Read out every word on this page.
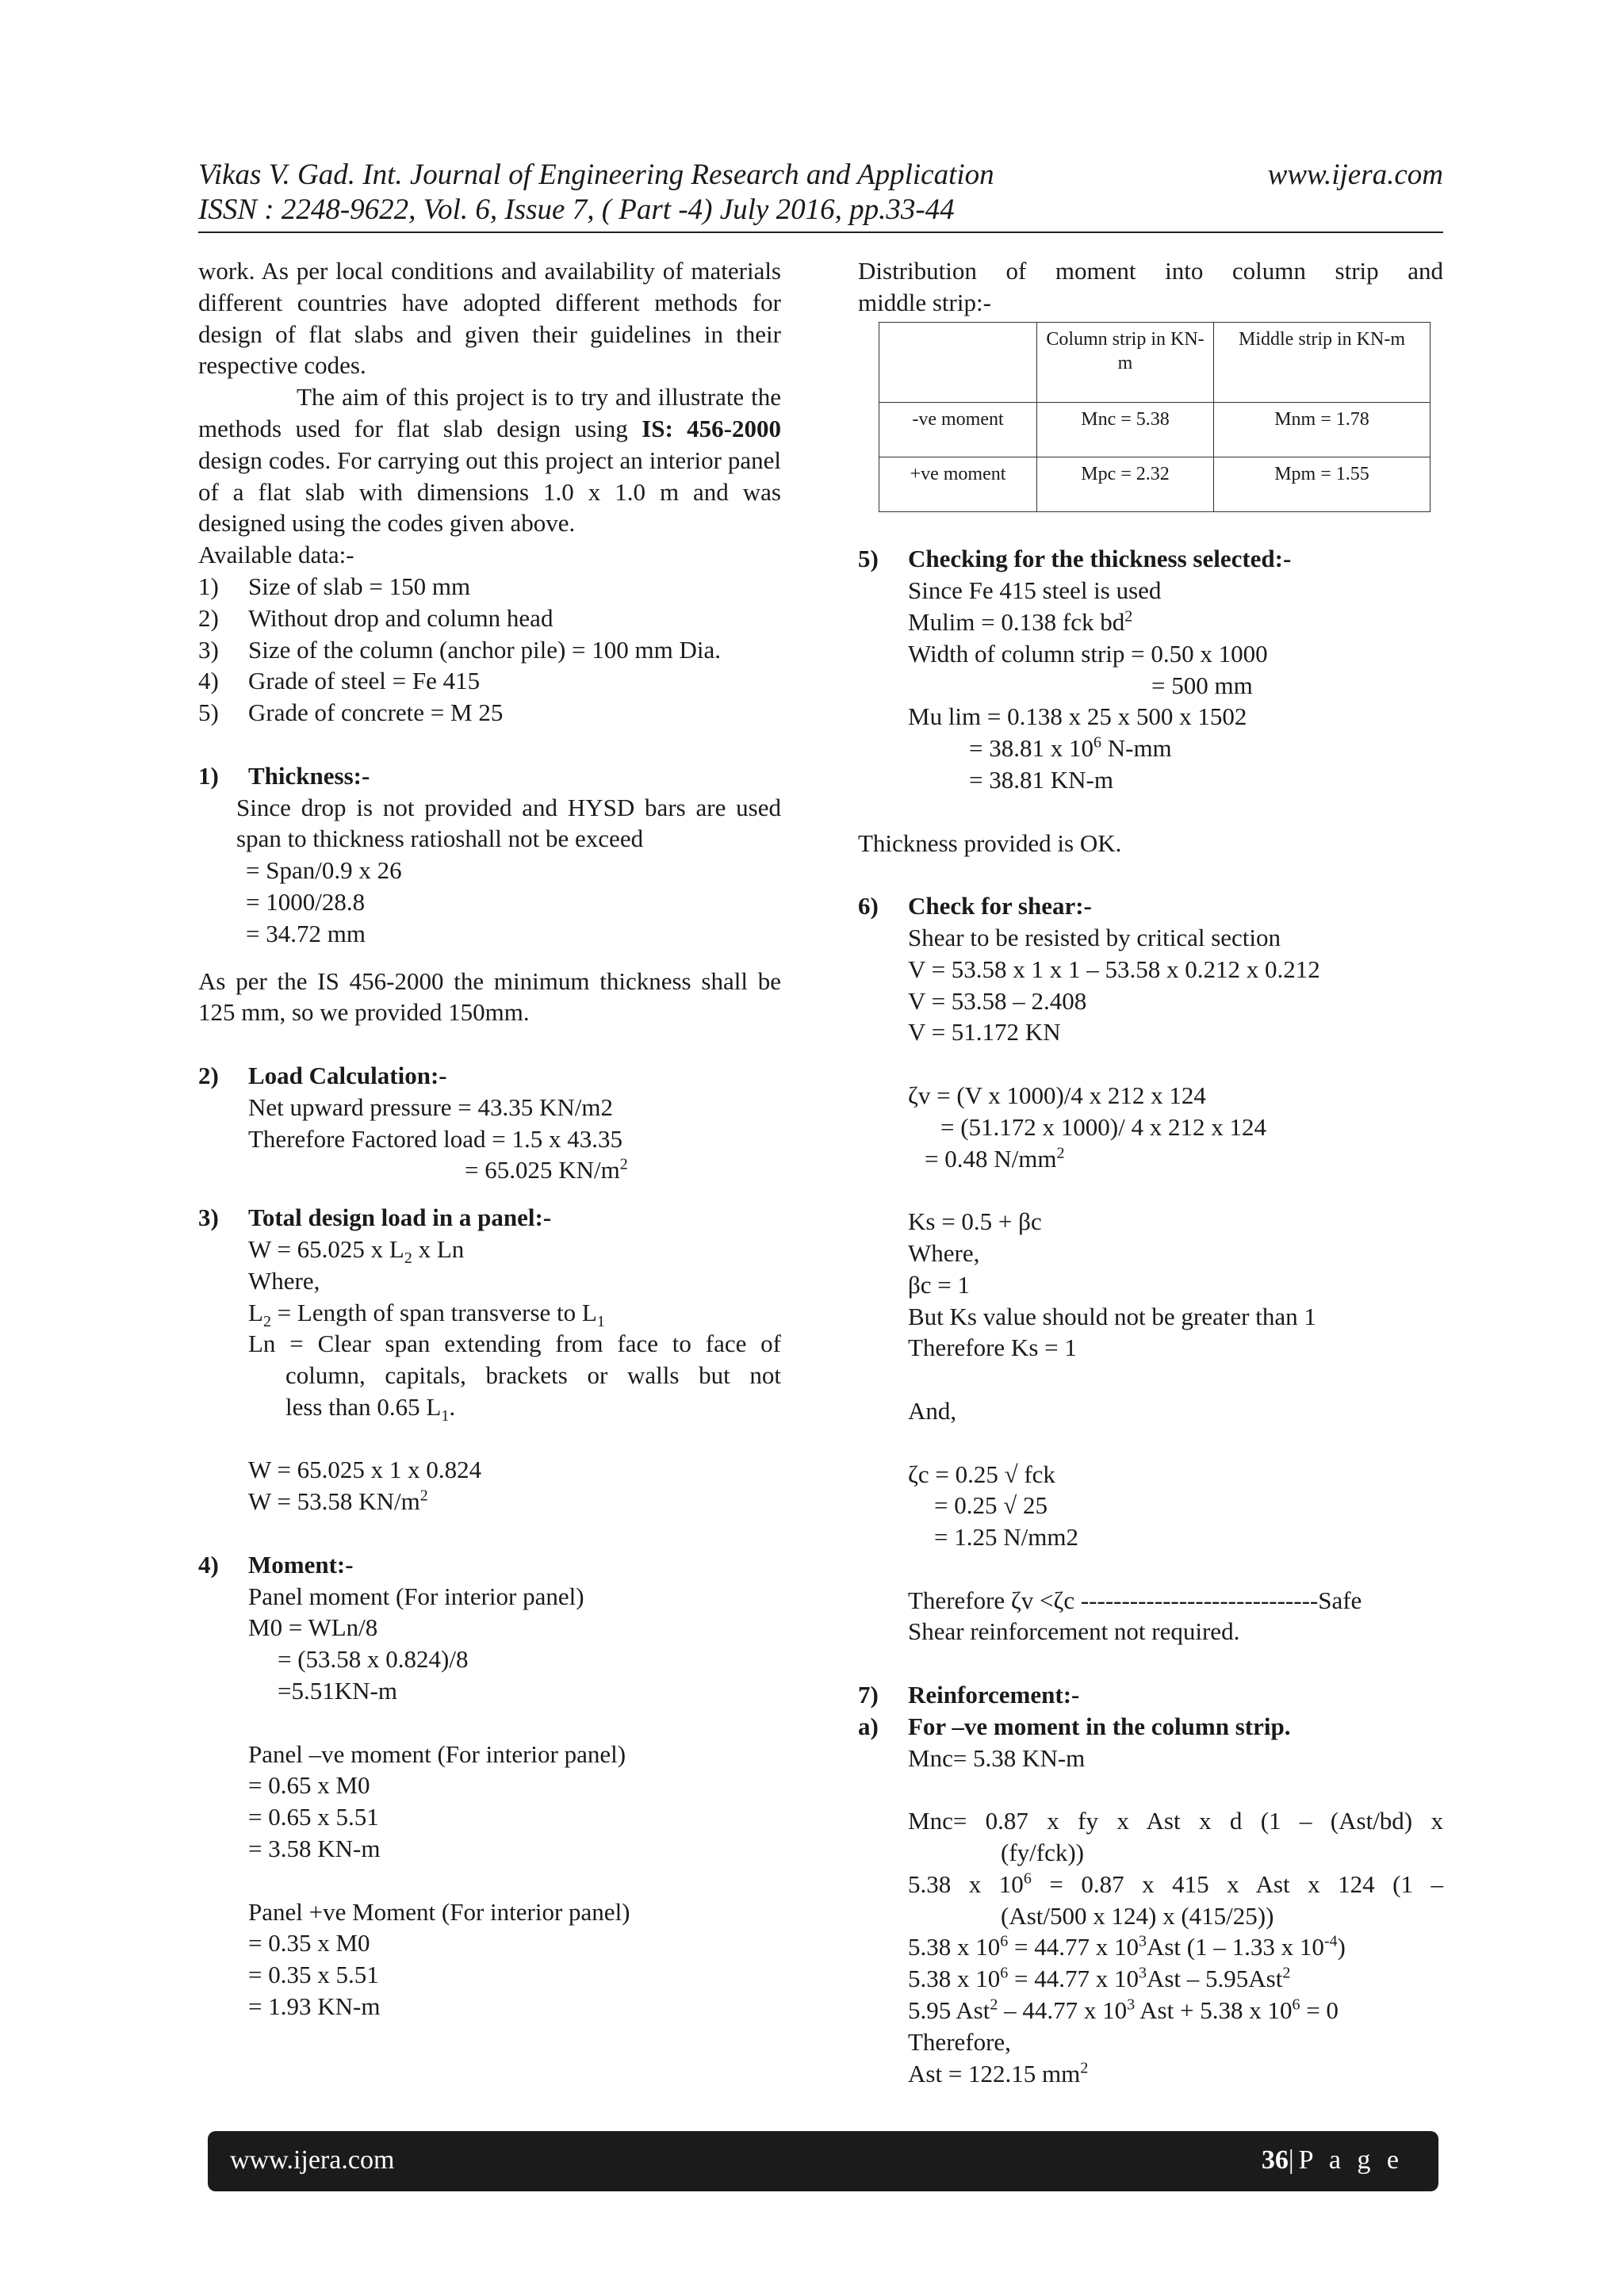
Vikas V. Gad. Int. Journal of Engineering Research and Application
ISSN : 2248-9622, Vol. 6, Issue 7, ( Part -4) July 2016, pp.33-44
www.ijera.com
work. As per local conditions and availability of materials different countries have adopted different methods for design of flat slabs and given their guidelines in their respective codes.
The aim of this project is to try and illustrate the methods used for flat slab design using IS: 456-2000 design codes. For carrying out this project an interior panel of a flat slab with dimensions 1.0 x 1.0 m and was designed using the codes given above.
Available data:-
1)	Size of slab = 150 mm
2)	Without drop and column head
3)	Size of the column (anchor pile) = 100 mm Dia.
4)	Grade of steel = Fe 415
5)	Grade of concrete = M 25
1)	Thickness:-
Since drop is not provided and HYSD bars are used span to thickness ratioshall not be exceed
= Span/0.9 x 26
= 1000/28.8
= 34.72 mm
As per the IS 456-2000 the minimum thickness shall be 125 mm, so we provided 150mm.
2)	Load Calculation:-
Net upward pressure = 43.35 KN/m2
Therefore Factored load = 1.5 x 43.35
= 65.025 $KN/m^2$
3)	Total design load in a panel:-
W = 65.025 x $L_2$ x Ln
Where,
$L_2$ = Length of span transverse to $L_1$
Ln = Clear span extending from face to face of
column, capitals, brackets or walls but not
less than 0.65 $L_1$.
W = 65.025 x 1 x 0.824
W = 53.58 $KN/m^2$
4)	Moment:-
Panel moment (For interior panel)
M0 = WLn/8
= (53.58 x 0.824)/8
=5.51KN-m
Panel –ve moment (For interior panel)
= 0.65 x M0
= 0.65 x 5.51
= 3.58 KN-m
Panel +ve Moment (For interior panel)
= 0.35 x M0
= 0.35 x 5.51
= 1.93 KN-m
Distribution of moment into column strip and
middle strip:-
	Column strip in KN-m	Middle strip in KN-m
-ve moment	Mnc = 5.38	Mnm = 1.78
+ve moment	Mpc = 2.32	Mpm = 1.55
5)	Checking for the thickness selected:-
Since Fe 415 steel is used
Mulim = 0.138 fck $bd^2$
Width of column strip = 0.50 x 1000
= 500 mm
Mu lim = 0.138 x 25 x 500 x 1502
= 38.81 x $10^6$ N-mm
= 38.81 KN-m
Thickness provided is OK.
6)	Check for shear:-
Shear to be resisted by critical section
V = 53.58 x 1 x 1 – 53.58 x 0.212 x 0.212
V = 53.58 – 2.408
V = 51.172 KN
ζv = (V x 1000)/4 x 212 x 124
= (51.172 x 1000)/ 4 x 212 x 124
= 0.48 $N/mm^2$
Ks = 0.5 + βc
Where,
βc = 1
But Ks value should not be greater than 1
Therefore Ks = 1
And,
ζc = 0.25 √ fck
= 0.25 √ 25
= 1.25 N/mm2
Therefore ζv <ζc -----------------------------Safe
Shear reinforcement not required.
7)	Reinforcement:-
a)	For –ve moment in the column strip.
Mnc= 5.38 KN-m
Mnc= 0.87 x fy x Ast x d (1 – (Ast/bd) x
(fy/fck))
5.38 x $10^6 = 0.87$ x 415 x Ast x 124 (1 –
(Ast/500 x 124) x (415/25))
5.38 x $10^6 = 44.77$ x $10^3Ast$ (1 – 1.33 x $10^{-4}$)
5.38 x $10^6 = 44.77$ x $10^3Ast - 5.95Ast^2$
5.95 Ast$^2$ – 44.77 x $10^3$ Ast + 5.38 x $10^6 = 0$
Therefore,
Ast = 122.15 $mm^2$
www.ijera.com	36|P a g e
